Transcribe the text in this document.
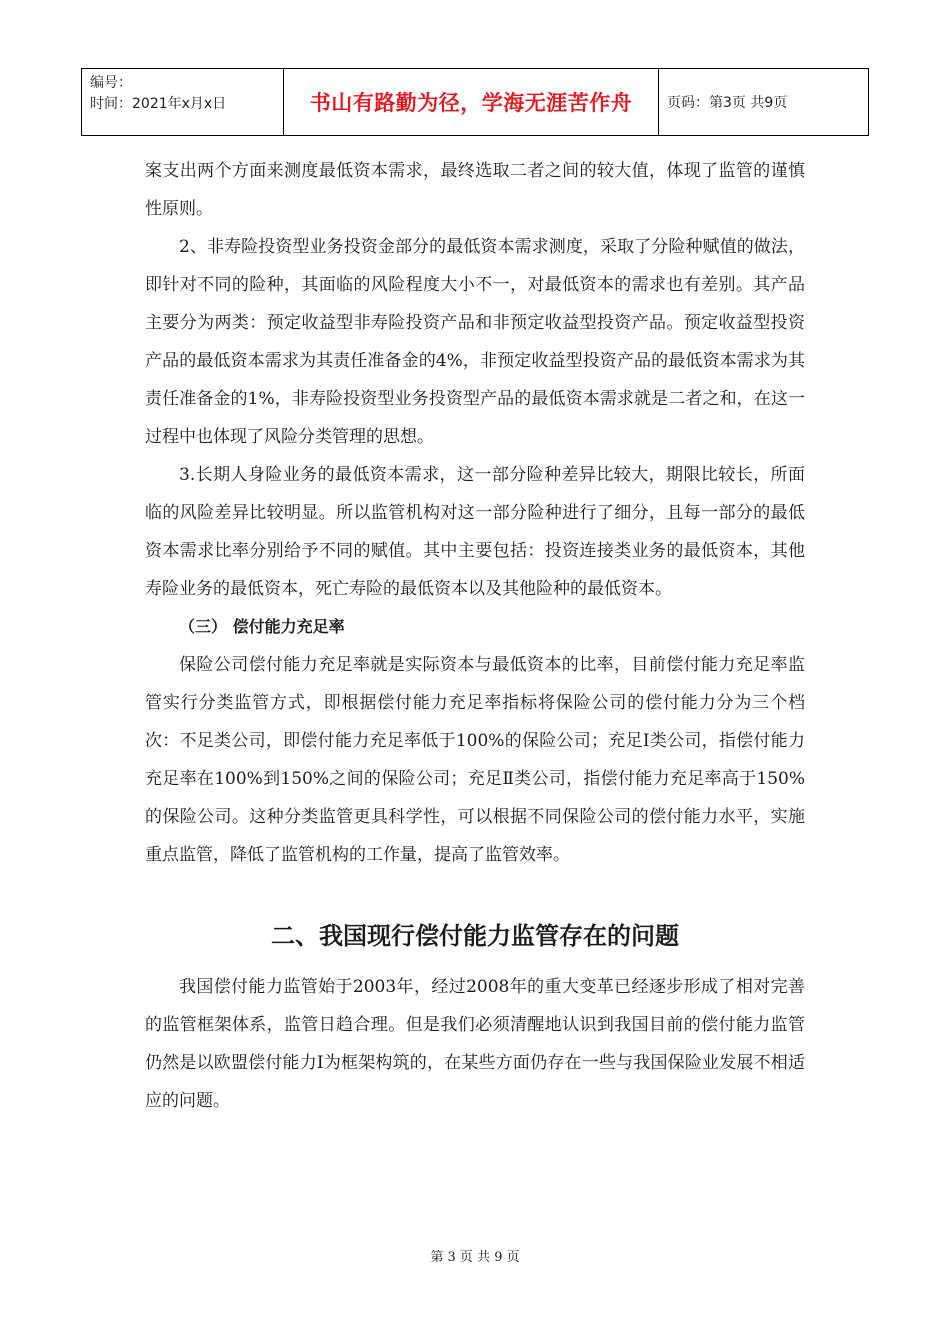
编号：
时间：2021年x月x日	书山有路勤为径，学海无涯苦作舟	页码：第3页 共9页

案支出两个方面来测度最低资本需求，最终选取二者之间的较大值，体现了监管的谨慎性原则。

2、非寿险投资型业务投资金部分的最低资本需求测度，采取了分险种赋值的做法，即针对不同的险种，其面临的风险程度大小不一，对最低资本的需求也有差别。其产品主要分为两类：预定收益型非寿险投资产品和非预定收益型投资产品。预定收益型投资产品的最低资本需求为其责任准备金的4%，非预定收益型投资产品的最低资本需求为其责任准备金的1%，非寿险投资型业务投资型产品的最低资本需求就是二者之和，在这一过程中也体现了风险分类管理的思想。

3.长期人身险业务的最低资本需求，这一部分险种差异比较大，期限比较长，所面临的风险差异比较明显。所以监管机构对这一部分险种进行了细分，且每一部分的最低资本需求比率分别给予不同的赋值。其中主要包括：投资连接类业务的最低资本，其他寿险业务的最低资本，死亡寿险的最低资本以及其他险种的最低资本。

（三） 偿付能力充足率

保险公司偿付能力充足率就是实际资本与最低资本的比率，目前偿付能力充足率监管实行分类监管方式，即根据偿付能力充足率指标将保险公司的偿付能力分为三个档次：不足类公司，即偿付能力充足率低于100%的保险公司；充足Ⅰ类公司，指偿付能力充足率在100%到150%之间的保险公司；充足Ⅱ类公司，指偿付能力充足率高于150%的保险公司。这种分类监管更具科学性，可以根据不同保险公司的偿付能力水平，实施重点监管，降低了监管机构的工作量，提高了监管效率。

二、我国现行偿付能力监管存在的问题

我国偿付能力监管始于2003年，经过2008年的重大变革已经逐步形成了相对完善的监管框架体系，监管日趋合理。但是我们必须清醒地认识到我国目前的偿付能力监管仍然是以欧盟偿付能力Ⅰ为框架构筑的，在某些方面仍存在一些与我国保险业发展不相适应的问题。

第 3 页 共 9 页
